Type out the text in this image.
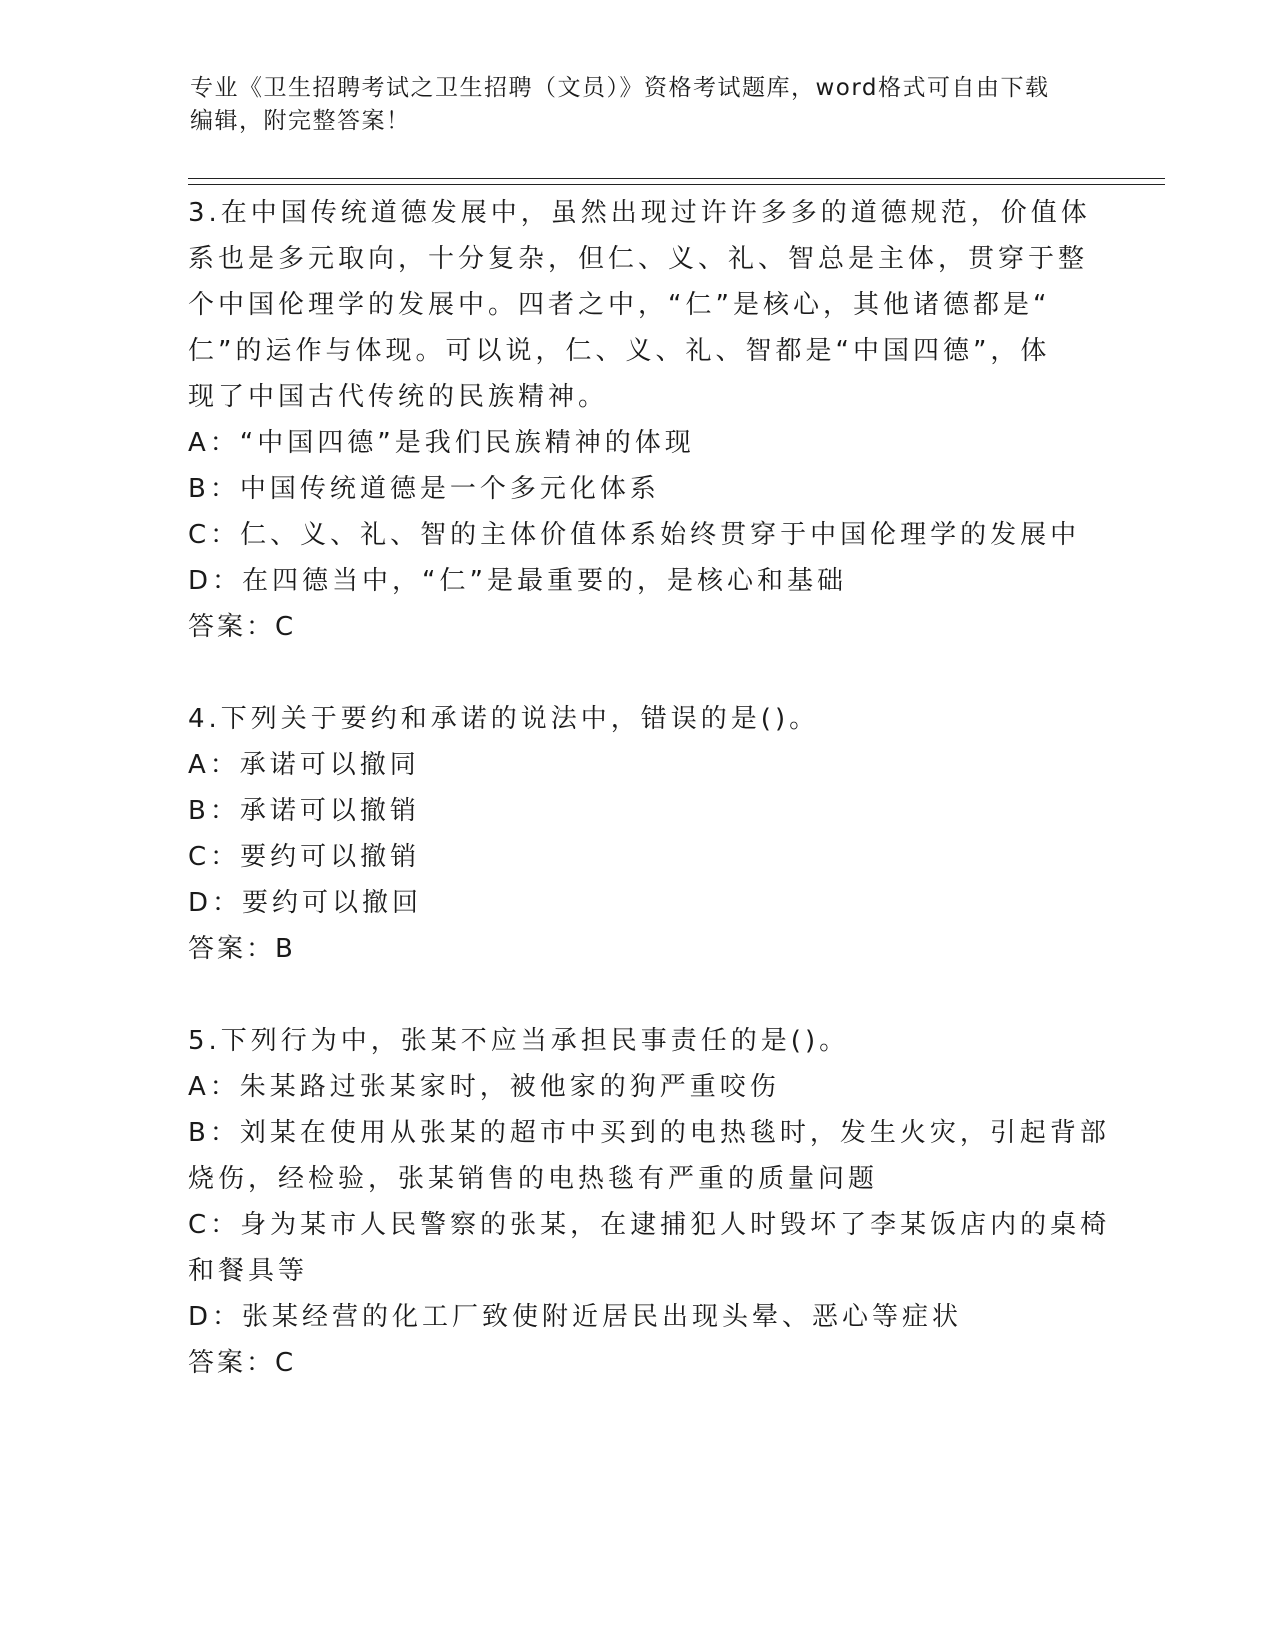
专业《卫生招聘考试之卫生招聘（文员）》资格考试题库，word格式可自由下载
编辑，附完整答案！
3.在中国传统道德发展中，虽然出现过许许多多的道德规范，价值体
系也是多元取向，十分复杂，但仁、义、礼、智总是主体，贯穿于整
个中国伦理学的发展中。四者之中，“仁”是核心，其他诸德都是“
仁”的运作与体现。可以说，仁、义、礼、智都是“中国四德”，体
现了中国古代传统的民族精神。
A：“中国四德”是我们民族精神的体现
B：中国传统道德是一个多元化体系
C：仁、义、礼、智的主体价值体系始终贯穿于中国伦理学的发展中
D：在四德当中，“仁”是最重要的，是核心和基础
答案：C
4.下列关于要约和承诺的说法中，错误的是()。
A：承诺可以撤同
B：承诺可以撤销
C：要约可以撤销
D：要约可以撤回
答案：B
5.下列行为中，张某不应当承担民事责任的是()。
A：朱某路过张某家时，被他家的狗严重咬伤
B：刘某在使用从张某的超市中买到的电热毯时，发生火灾，引起背部
烧伤，经检验，张某销售的电热毯有严重的质量问题
C：身为某市人民警察的张某，在逮捕犯人时毁坏了李某饭店内的桌椅
和餐具等
D：张某经营的化工厂致使附近居民出现头晕、恶心等症状
答案：C
